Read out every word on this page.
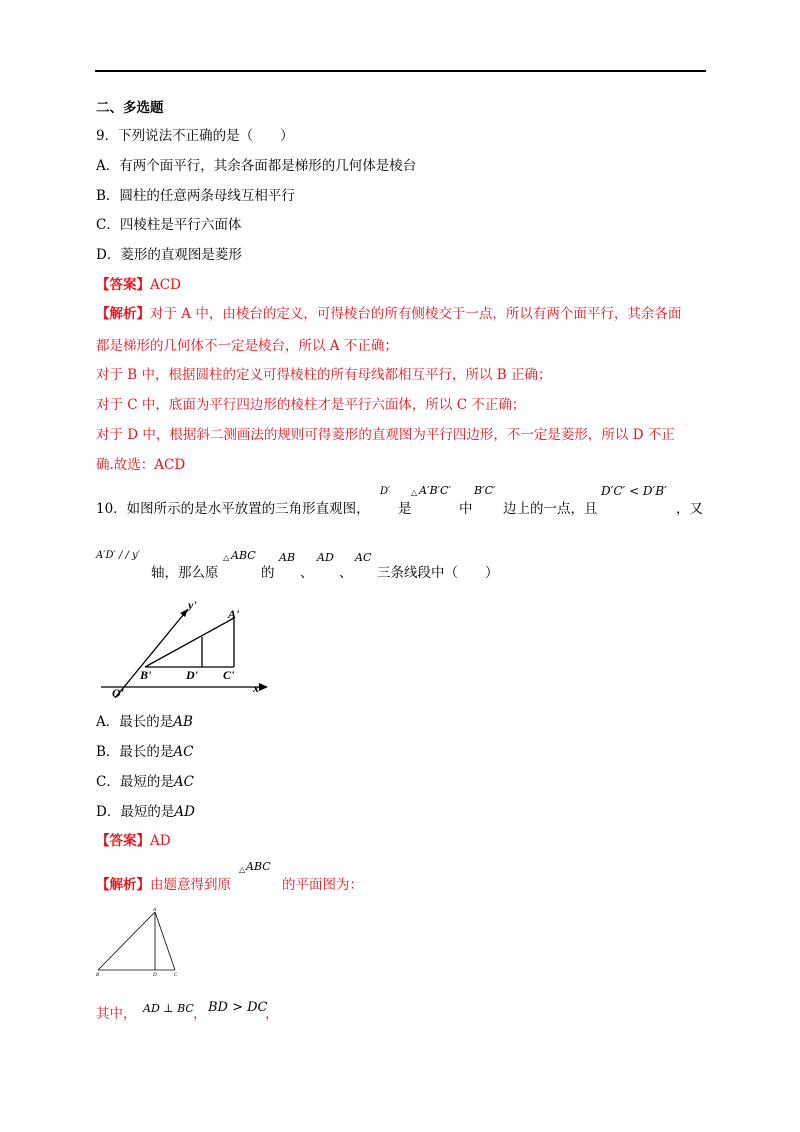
二、多选题
9．下列说法不正确的是（　　）
A．有两个面平行，其余各面都是梯形的几何体是棱台
B．圆柱的任意两条母线互相平行
C．四棱柱是平行六面体
D．菱形的直观图是菱形
【答案】ACD
【解析】对于 A 中，由棱台的定义，可得棱台的所有侧棱交于一点，所以有两个面平行，其余各面
都是梯形的几何体不一定是棱台，所以 A 不正确；
对于 B 中，根据圆柱的定义可得棱柱的所有母线都相互平行，所以 B 正确；
对于 C 中，底面为平行四边形的棱柱才是平行六面体，所以 C 不正确；
对于 D 中，根据斜二测画法的规则可得菱形的直观图为平行四边形，不一定是菱形，所以 D 不正
确.故选：ACD
10．如图所示的是水平放置的三角形直观图，
D′
是
△ A′B′C′
中
B′C′
边上的一点，且
D′C′ < D′B′
，又
A′D′ / / y′
轴，那么原
△ ABC
的
AB
、
AD
、
AC
三条线段中（　　）
y'
A'
B'	D' C'
O'	x'
A．最长的是AB
B．最长的是AC
C．最短的是AC
D．最短的是AD
【答案】AD
【解析】由题意得到原
△ ABC
的平面图为：
A
B	D	C
其中， AD ⊥ BC ， BD > DC
，
